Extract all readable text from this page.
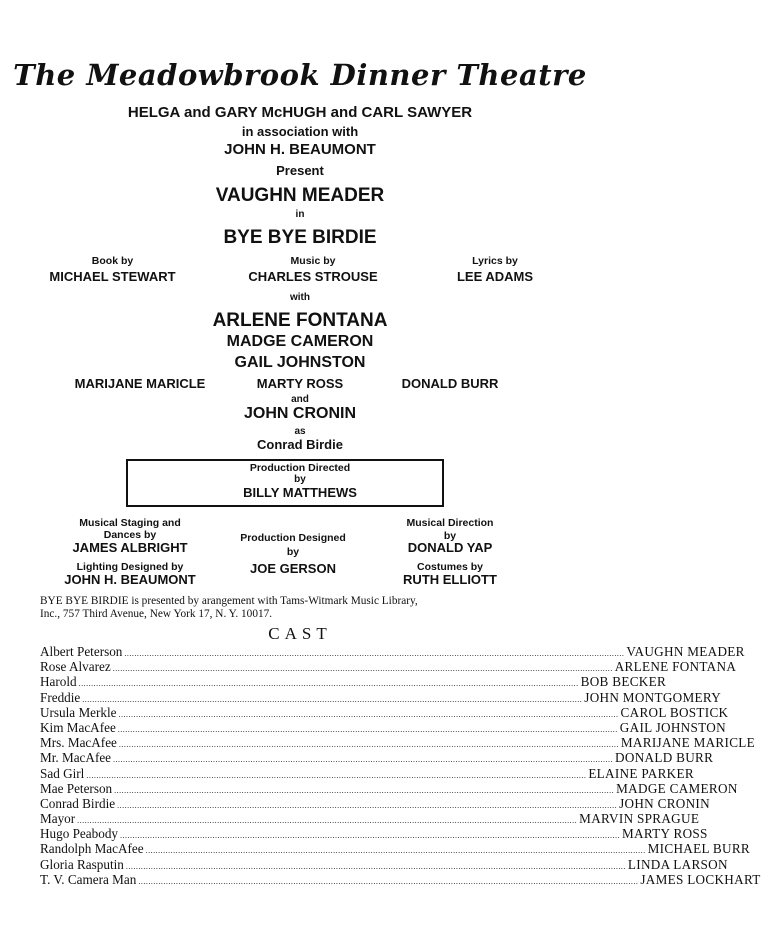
The Meadowbrook Dinner Theatre
HELGA and GARY McHUGH and CARL SAWYER
in association with
JOHN H. BEAUMONT
Present
VAUGHN MEADER
in
BYE BYE BIRDIE
Book by
MICHAEL STEWART
Music by
CHARLES STROUSE
Lyrics by
LEE ADAMS
with
ARLENE FONTANA
MADGE CAMERON
GAIL JOHNSTON
MARIJANE MARICLE	MARTY ROSS	DONALD BURR
and
JOHN CRONIN
as
Conrad Birdie
Production Directed
by
BILLY MATTHEWS
Musical Staging and
Dances by
JAMES ALBRIGHT
Lighting Designed by
JOHN H. BEAUMONT
Production Designed
by
JOE GERSON
Musical Direction
by
DONALD YAP
Costumes by
RUTH ELLIOTT
BYE BYE BIRDIE is presented by arangement with Tams-Witmark Music Library,
Inc., 757 Third Avenue, New York 17, N. Y. 10017.
CAST
Albert Peterson ........................................................................................................................................................................................................ VAUGHN MEADER
Rose Alvarez ........................................................................................................................................................................................................ ARLENE FONTANA
Harold ........................................................................................................................................................................................................ BOB BECKER
Freddie ........................................................................................................................................................................................................ JOHN MONTGOMERY
Ursula Merkle ........................................................................................................................................................................................................ CAROL BOSTICK
Kim MacAfee ........................................................................................................................................................................................................ GAIL JOHNSTON
Mrs. MacAfee ........................................................................................................................................................................................................ MARIJANE MARICLE
Mr. MacAfee ........................................................................................................................................................................................................ DONALD BURR
Sad Girl ........................................................................................................................................................................................................ ELAINE PARKER
Mae Peterson ........................................................................................................................................................................................................ MADGE CAMERON
Conrad Birdie ........................................................................................................................................................................................................ JOHN CRONIN
Mayor ........................................................................................................................................................................................................ MARVIN SPRAGUE
Hugo Peabody ........................................................................................................................................................................................................ MARTY ROSS
Randolph MacAfee ........................................................................................................................................................................................................ MICHAEL BURR
Gloria Rasputin ........................................................................................................................................................................................................ LINDA LARSON
T. V. Camera Man ........................................................................................................................................................................................................ JAMES LOCKHART
